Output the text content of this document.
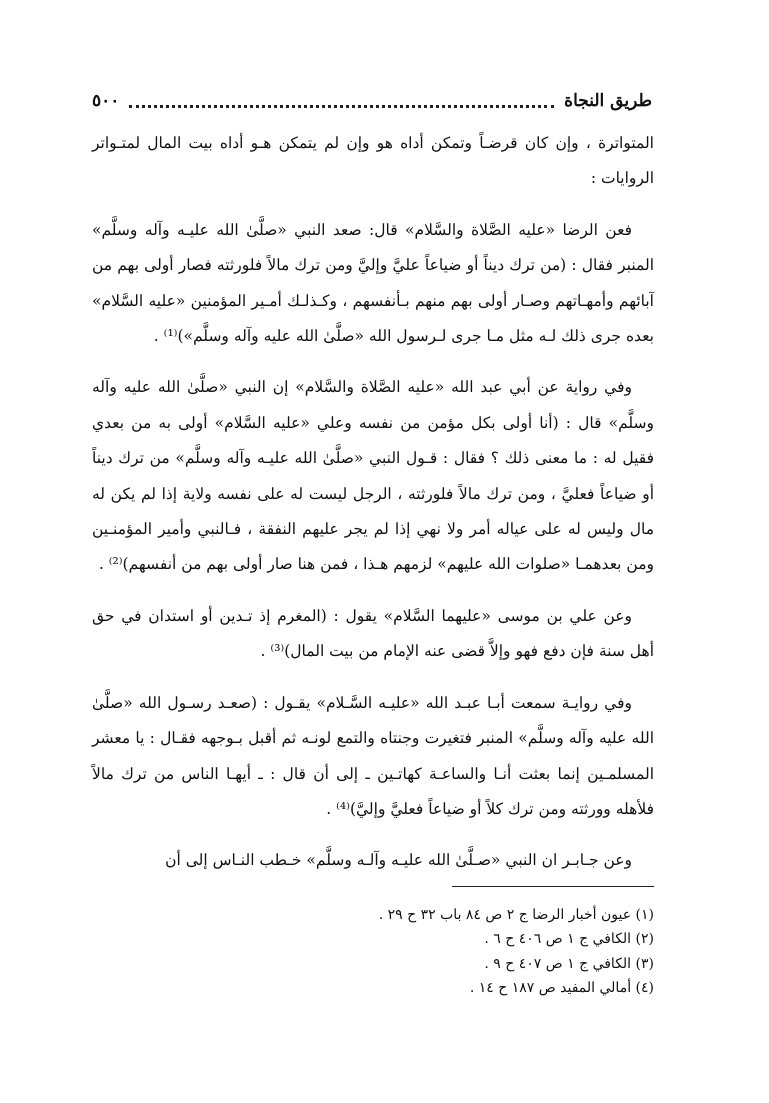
طريق النجاة
٥٠٠

المتواترة ، وإن كان قرضـاً وتمكن أداه هو وإن لم يتمكن هـو أداه بيت المال لمتـواتر الروايات :

فعن الرضا «عليه الصَّلاة والسَّلام» قال: صعد النبي «صلَّىٰ الله عليـه وآله وسلَّم» المنبر فقال : (من ترك ديناً أو ضياعاً عليَّ وإليَّ ومن ترك مالاً فلورثته فصار أولى بهم من آبائهم وأمهـاتهم وصـار أولى بهم منهم بـأنفسهم ، وكـذلـك أمـير المؤمنين «عليه السَّلام» بعده جرى ذلك لـه مثل مـا جرى لـرسول الله «صلَّىٰ الله عليه وآله وسلَّم»)⁽¹⁾ .

وفي رواية عن أبي عبد الله «عليه الصَّلاة والسَّلام» إن النبي «صلَّىٰ الله عليه وآله وسلَّم» قال : (أنا أولى بكل مؤمن من نفسه وعلي «عليه السَّلام» أولى به من بعدي فقيل له : ما معنى ذلك ؟ فقال : قـول النبي «صلَّىٰ الله عليـه وآله وسلَّم» من ترك ديناً أو ضياعاً فعليَّ ، ومن ترك مالاً فلورثته ، الرجل ليست له على نفسه ولاية إذا لم يكن له مال وليس له على عياله أمر ولا نهي إذا لم يجر عليهم النفقة ، فـالنبي وأمير المؤمنـين ومن بعدهمـا «صلوات الله عليهم» لزمهم هـذا ، فمن هنا صار أولى بهم من أنفسهم)⁽²⁾ .

وعن علي بن موسى «عليهما السَّلام» يقول : (المغرم إذ تـدين أو استدان في حق أهل سنة فإن دفع فهو وإلاَّ قضى عنه الإمام من بيت المال)⁽³⁾ .

وفي روايـة سمعت أبـا عبـد الله «عليـه السَّـلام» يقـول : (صعـد رسـول الله «صلَّىٰ الله عليه وآله وسلَّم» المنبر فتغيرت وجنتاه والتمع لونـه ثم أقبل بـوجهه فقـال : يا معشر المسلمـين إنما بعثت أنـا والساعـة كهاتـين ـ إلى أن قال : ـ أيهـا الناس من ترك مالاً فلأهله وورثته ومن ترك كلاً أو ضياعاً فعليَّ وإليَّ)⁽⁴⁾ .

وعن جـابـر ان النبي «صـلَّىٰ الله عليـه وآلـه وسلَّم» خـطب النـاس إلى أن

(١) عيون أخبار الرضا ج ٢ ص ٨٤ باب ٣٢ ح ٢٩ .
(٢) الكافي ج ١ ص ٤٠٦ ح ٦ .
(٣) الكافي ج ١ ص ٤٠٧ ح ٩ .
(٤) أمالي المفيد ص ١٨٧ ح ١٤ .
